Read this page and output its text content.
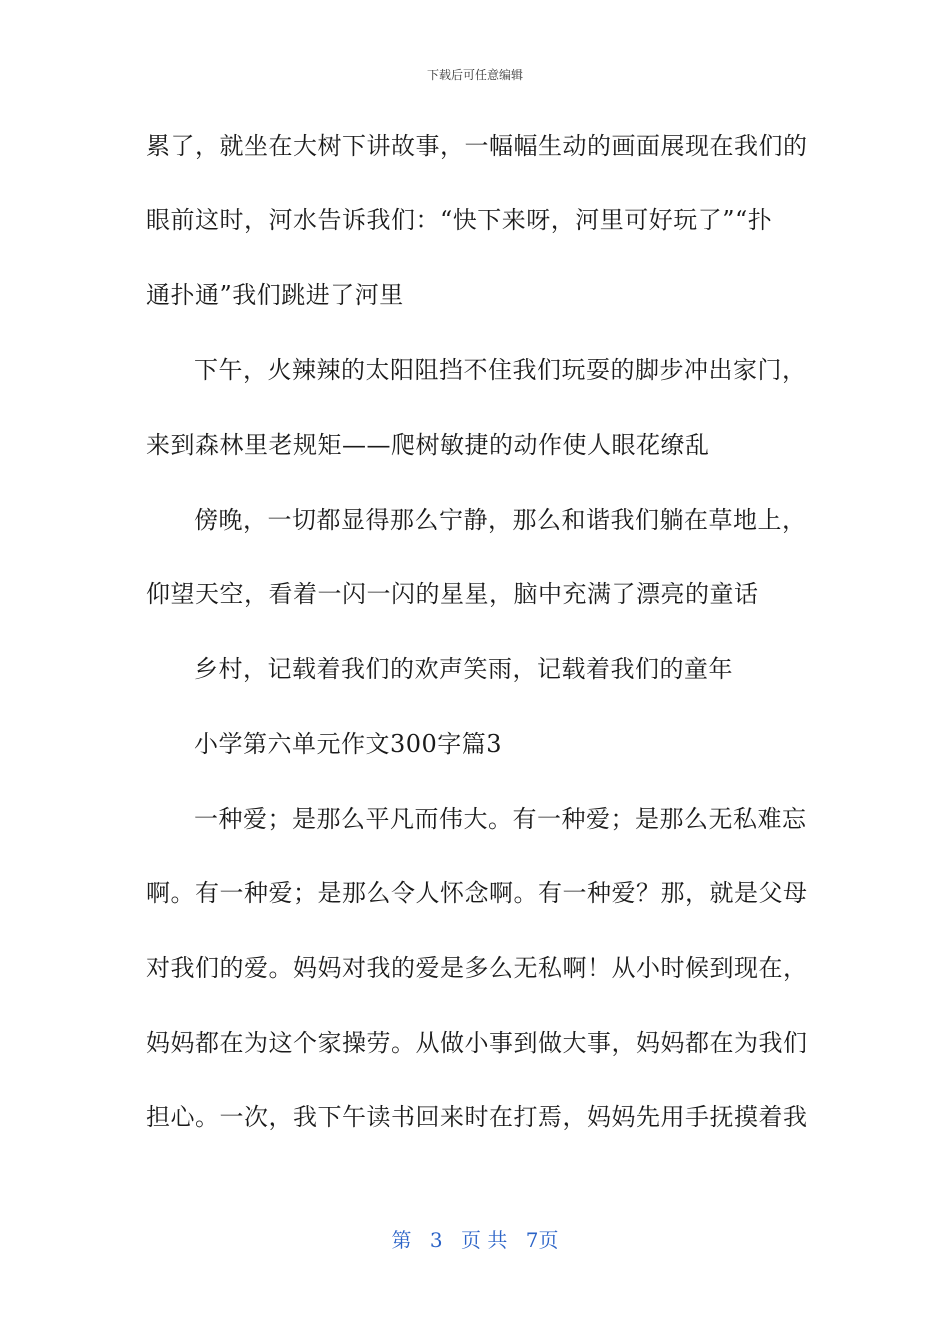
下载后可任意编辑
累了，就坐在大树下讲故事，一幅幅生动的画面展现在我们的
眼前这时，河水告诉我们：“快下来呀，河里可好玩了”“扑
通扑通”我们跳进了河里
下午，火辣辣的太阳阻挡不住我们玩耍的脚步冲出家门，
来到森林里老规矩——爬树敏捷的动作使人眼花缭乱
傍晚，一切都显得那么宁静，那么和谐我们躺在草地上，
仰望天空，看着一闪一闪的星星，脑中充满了漂亮的童话
乡村，记载着我们的欢声笑雨，记载着我们的童年
小学第六单元作文300字篇3
一种爱；是那么平凡而伟大。有一种爱；是那么无私难忘
啊。有一种爱；是那么令人怀念啊。有一种爱？那，就是父母
对我们的爱。妈妈对我的爱是多么无私啊！从小时候到现在，
妈妈都在为这个家操劳。从做小事到做大事，妈妈都在为我们
担心。一次，我下午读书回来时在打焉，妈妈先用手抚摸着我
第 3 页 共 7页
